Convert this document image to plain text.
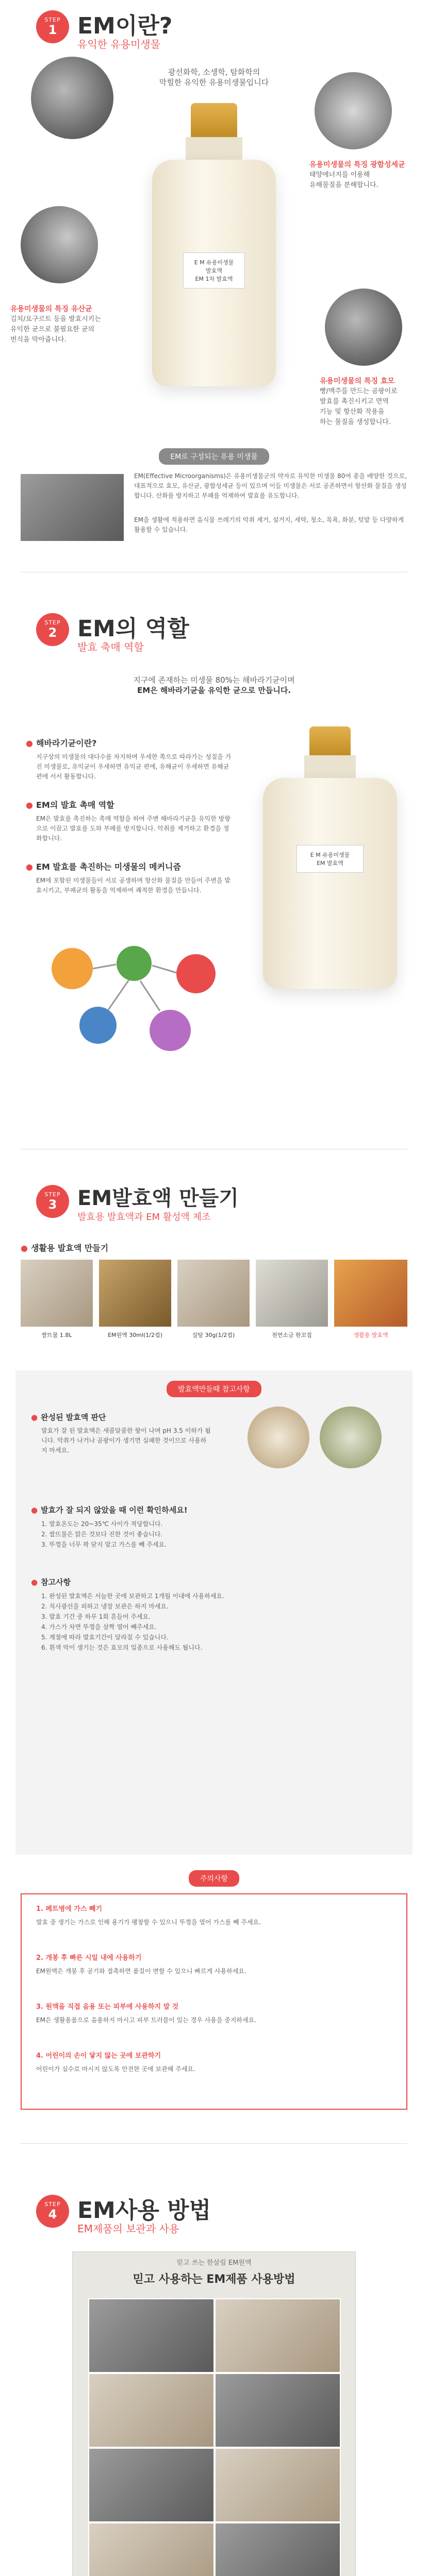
STEP
1 EM이란?
유익한 유용미생물
광선화학, 소생학, 탐화학의
막힐한 유익한 유용미생물입니다
E M 유용미생물
발효액
EM 1차 발효액
유용미생물의 특징 유산균
김치/요구르트 등을 발효시키는
유익한 균으로 불필요한 균의
번식을 막아줍니다.
유용미생물의 특징 광합성세균
태양에너지를 이용해
유해물질을 분해합니다.
유용미생물의 특징 효모
빵/맥주를 만드는 곰팡이로
발효를 촉진시키고 면역
기능 및 항산화 작용을
하는 물질을 생성합니다.
EM로 구성되는 유용 미생물
EM(Effective Microorganisms)은 유용미생물군의 약자로 유익한 미생물 80여 종을 배양한 것으로, 대표적으로 효모, 유산균, 광합성세균 등이 있으며 이들 미생물은 서로 공존하면서 항산화 물질을 생성합니다. 산화를 방지하고 부패를 억제하여 발효를 유도합니다.
EM을 생활에 적용하면 음식물 쓰레기의 악취 제거, 설거지, 세탁, 청소, 목욕, 화분, 텃밭 등 다양하게 활용할 수 있습니다.
STEP
2 EM의 역할
발효 축매 역할
지구에 존재하는 미생물 80%는 해바라기균이며
EM은 해바라기균을 유익한 균으로 만듭니다.
E M 유용미생물
EM 발효액
● 해바라기균이란?
지구상의 미생물의 대다수를 차지하며 우세한 쪽으로 따라가는 성질을 가진 미생물로, 유익균이 우세하면 유익균 편에, 유해균이 우세하면 유해균 편에 서서 활동합니다.
● EM의 발효 촉매 역할
EM은 발효를 촉진하는 촉매 역할을 하여 주변 해바라기균을 유익한 방향으로 이끌고 발효를 도와 부패를 방지합니다. 악취를 제거하고 환경을 정화합니다.
● EM 발효를 촉진하는 미생물의 메커니즘
EM에 포함된 미생물들이 서로 공생하며 항산화 물질을 만들어 주변을 발효시키고, 부패균의 활동을 억제하여 쾌적한 환경을 만듭니다.
STEP
3 EM발효액 만들기
발효용 발효액과 EM 활성액 제조
● 생활용 발효액 만들기
쌀뜨물 1.8L	EM원액 30ml(1/2컵)	설탕 30g(1/2컵)	천연소금 한꼬집	생활용 발효액
발효액만들때 참고사항
● 완성된 발효액 판단
발효가 잘 된 발효액은 새콤달콤한 향이 나며 pH 3.5 이하가 됩니다. 악취가 나거나 곰팡이가 생기면 실패한 것이므로 사용하지 마세요.
● 발효가 잘 되지 않았을 때 이런 확인하세요!
1. 발효온도는 20~35℃ 사이가 적당합니다.
2. 쌀뜨물은 맑은 것보다 진한 것이 좋습니다.
3. 뚜껑을 너무 꽉 닫지 말고 가스를 빼 주세요.
● 참고사항
1. 완성된 발효액은 서늘한 곳에 보관하고 1개월 이내에 사용하세요.
2. 직사광선을 피하고 냉장 보관은 하지 마세요.
3. 발효 기간 중 하루 1회 흔들어 주세요.
4. 가스가 차면 뚜껑을 살짝 열어 빼주세요.
5. 계절에 따라 발효기간이 달라질 수 있습니다.
6. 흰색 막이 생기는 것은 효모의 일종으로 사용해도 됩니다.
주의사항
1. 페트병에 가스 빼기
발효 중 생기는 가스로 인해 용기가 팽창할 수 있으니 뚜껑을 열어 가스를 빼 주세요.
2. 개봉 후 빠른 시일 내에 사용하기
EM원액은 개봉 후 공기와 접촉하면 품질이 변할 수 있으니 빠르게 사용하세요.
3. 원액을 직접 음용 또는 피부에 사용하지 말 것
EM은 생활용품으로 음용하지 마시고 피부 트러블이 있는 경우 사용을 중지하세요.
4. 어린이의 손이 닿지 않는 곳에 보관하기
어린이가 실수로 마시지 않도록 안전한 곳에 보관해 주세요.
STEP
4 EM사용 방법
EM제품의 보관과 사용
믿고 쓰는 한살림 EM원액
믿고 사용하는 EM제품 사용방법
